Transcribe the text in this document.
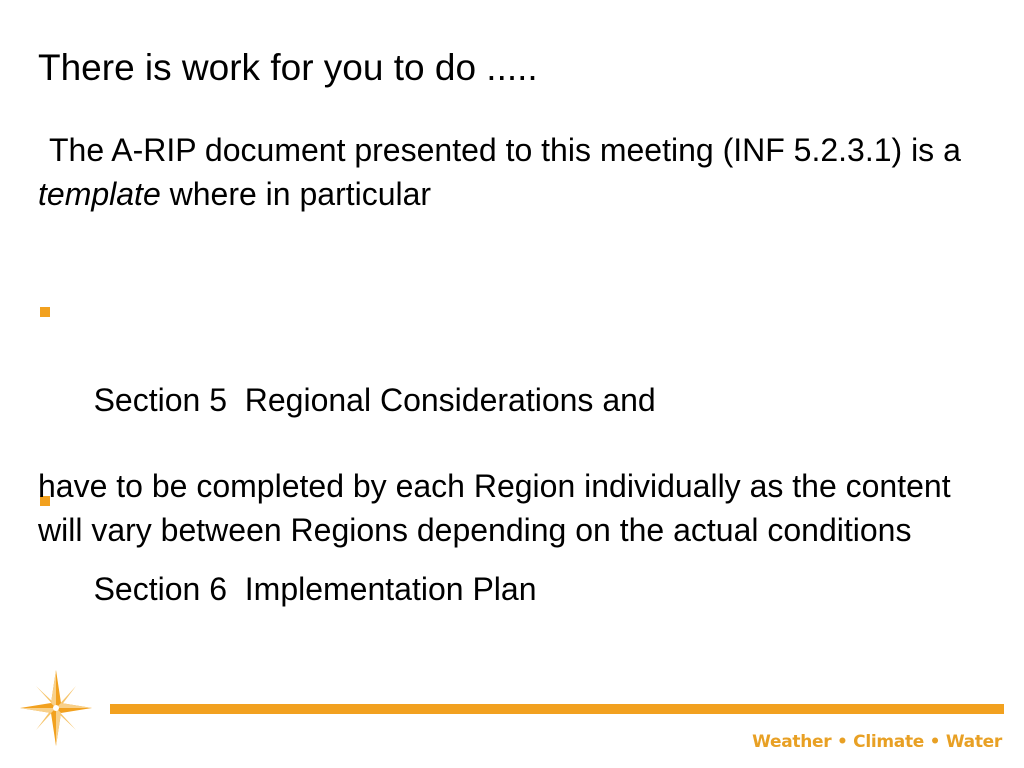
There is work for you to do .....

The A-RIP document presented to this meeting (INF 5.2.3.1) is a template where in particular

Section 5  Regional Considerations and

Section 6  Implementation Plan

have to be completed by each Region individually as the content will vary between Regions depending on the actual conditions

Weather • Climate • Water
